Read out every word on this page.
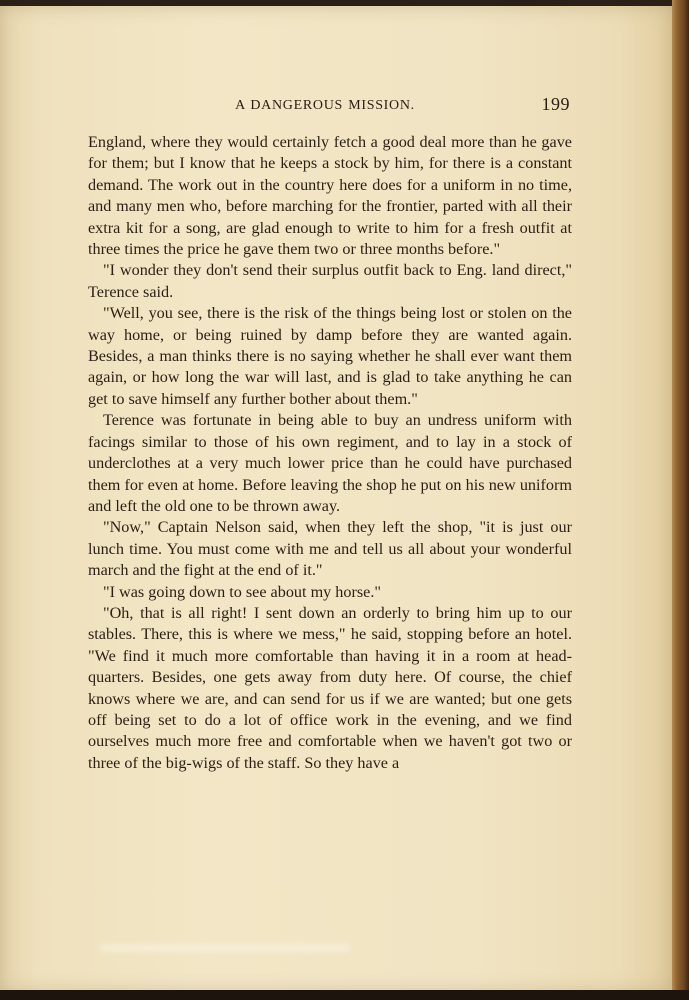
A DANGEROUS MISSION.	199

England, where they would certainly fetch a good deal more than he gave for them; but I know that he keeps a stock by him, for there is a constant demand. The work out in the country here does for a uniform in no time, and many men who, before marching for the frontier, parted with all their extra kit for a song, are glad enough to write to him for a fresh outfit at three times the price he gave them two or three months before."

"I wonder they don't send their surplus outfit back to Eng. land direct," Terence said.

"Well, you see, there is the risk of the things being lost or stolen on the way home, or being ruined by damp before they are wanted again. Besides, a man thinks there is no saying whether he shall ever want them again, or how long the war will last, and is glad to take anything he can get to save himself any further bother about them."

Terence was fortunate in being able to buy an undress uniform with facings similar to those of his own regiment, and to lay in a stock of underclothes at a very much lower price than he could have purchased them for even at home. Before leaving the shop he put on his new uniform and left the old one to be thrown away.

"Now," Captain Nelson said, when they left the shop, "it is just our lunch time. You must come with me and tell us all about your wonderful march and the fight at the end of it."

"I was going down to see about my horse."

"Oh, that is all right! I sent down an orderly to bring him up to our stables. There, this is where we mess," he said, stopping before an hotel. "We find it much more comfortable than having it in a room at head-quarters. Besides, one gets away from duty here. Of course, the chief knows where we are, and can send for us if we are wanted; but one gets off being set to do a lot of office work in the evening, and we find ourselves much more free and comfortable when we haven't got two or three of the big-wigs of the staff. So they have a
